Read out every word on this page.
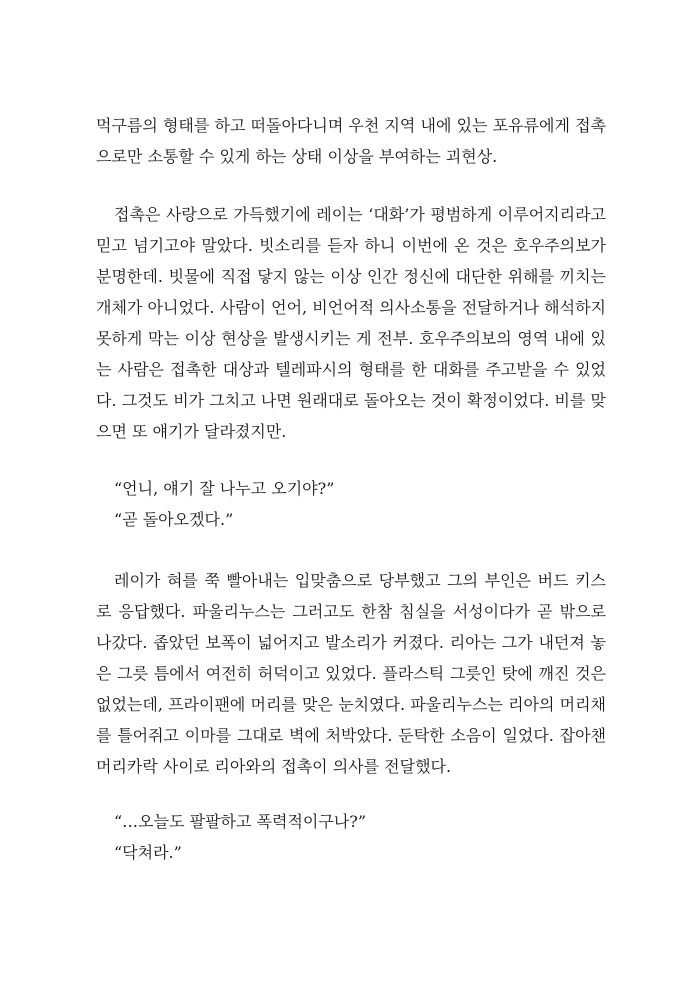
먹구름의 형태를 하고 떠돌아다니며 우천 지역 내에 있는 포유류에게 접촉으로만 소통할 수 있게 하는 상태 이상을 부여하는 괴현상.

접촉은 사랑으로 가득했기에 레이는 ‘대화’가 평범하게 이루어지리라고 믿고 넘기고야 말았다. 빗소리를 듣자 하니 이번에 온 것은 호우주의보가 분명한데. 빗물에 직접 닿지 않는 이상 인간 정신에 대단한 위해를 끼치는 개체가 아니었다. 사람이 언어, 비언어적 의사소통을 전달하거나 해석하지 못하게 막는 이상 현상을 발생시키는 게 전부. 호우주의보의 영역 내에 있는 사람은 접촉한 대상과 텔레파시의 형태를 한 대화를 주고받을 수 있었다. 그것도 비가 그치고 나면 원래대로 돌아오는 것이 확정이었다. 비를 맞으면 또 얘기가 달라졌지만.

“언니, 얘기 잘 나누고 오기야?”
“곧 돌아오겠다.”

레이가 혀를 쭉 빨아내는 입맞춤으로 당부했고 그의 부인은 버드 키스로 응답했다. 파울리누스는 그러고도 한참 침실을 서성이다가 곧 밖으로 나갔다. 좁았던 보폭이 넓어지고 발소리가 커졌다. 리아는 그가 내던져 놓은 그릇 틈에서 여전히 허덕이고 있었다. 플라스틱 그릇인 탓에 깨진 것은 없었는데, 프라이팬에 머리를 맞은 눈치였다. 파울리누스는 리아의 머리채를 틀어쥐고 이마를 그대로 벽에 처박았다. 둔탁한 소음이 일었다. 잡아챈 머리카락 사이로 리아와의 접촉이 의사를 전달했다.

“…오늘도 팔팔하고 폭력적이구나?”
“닥쳐라.”
